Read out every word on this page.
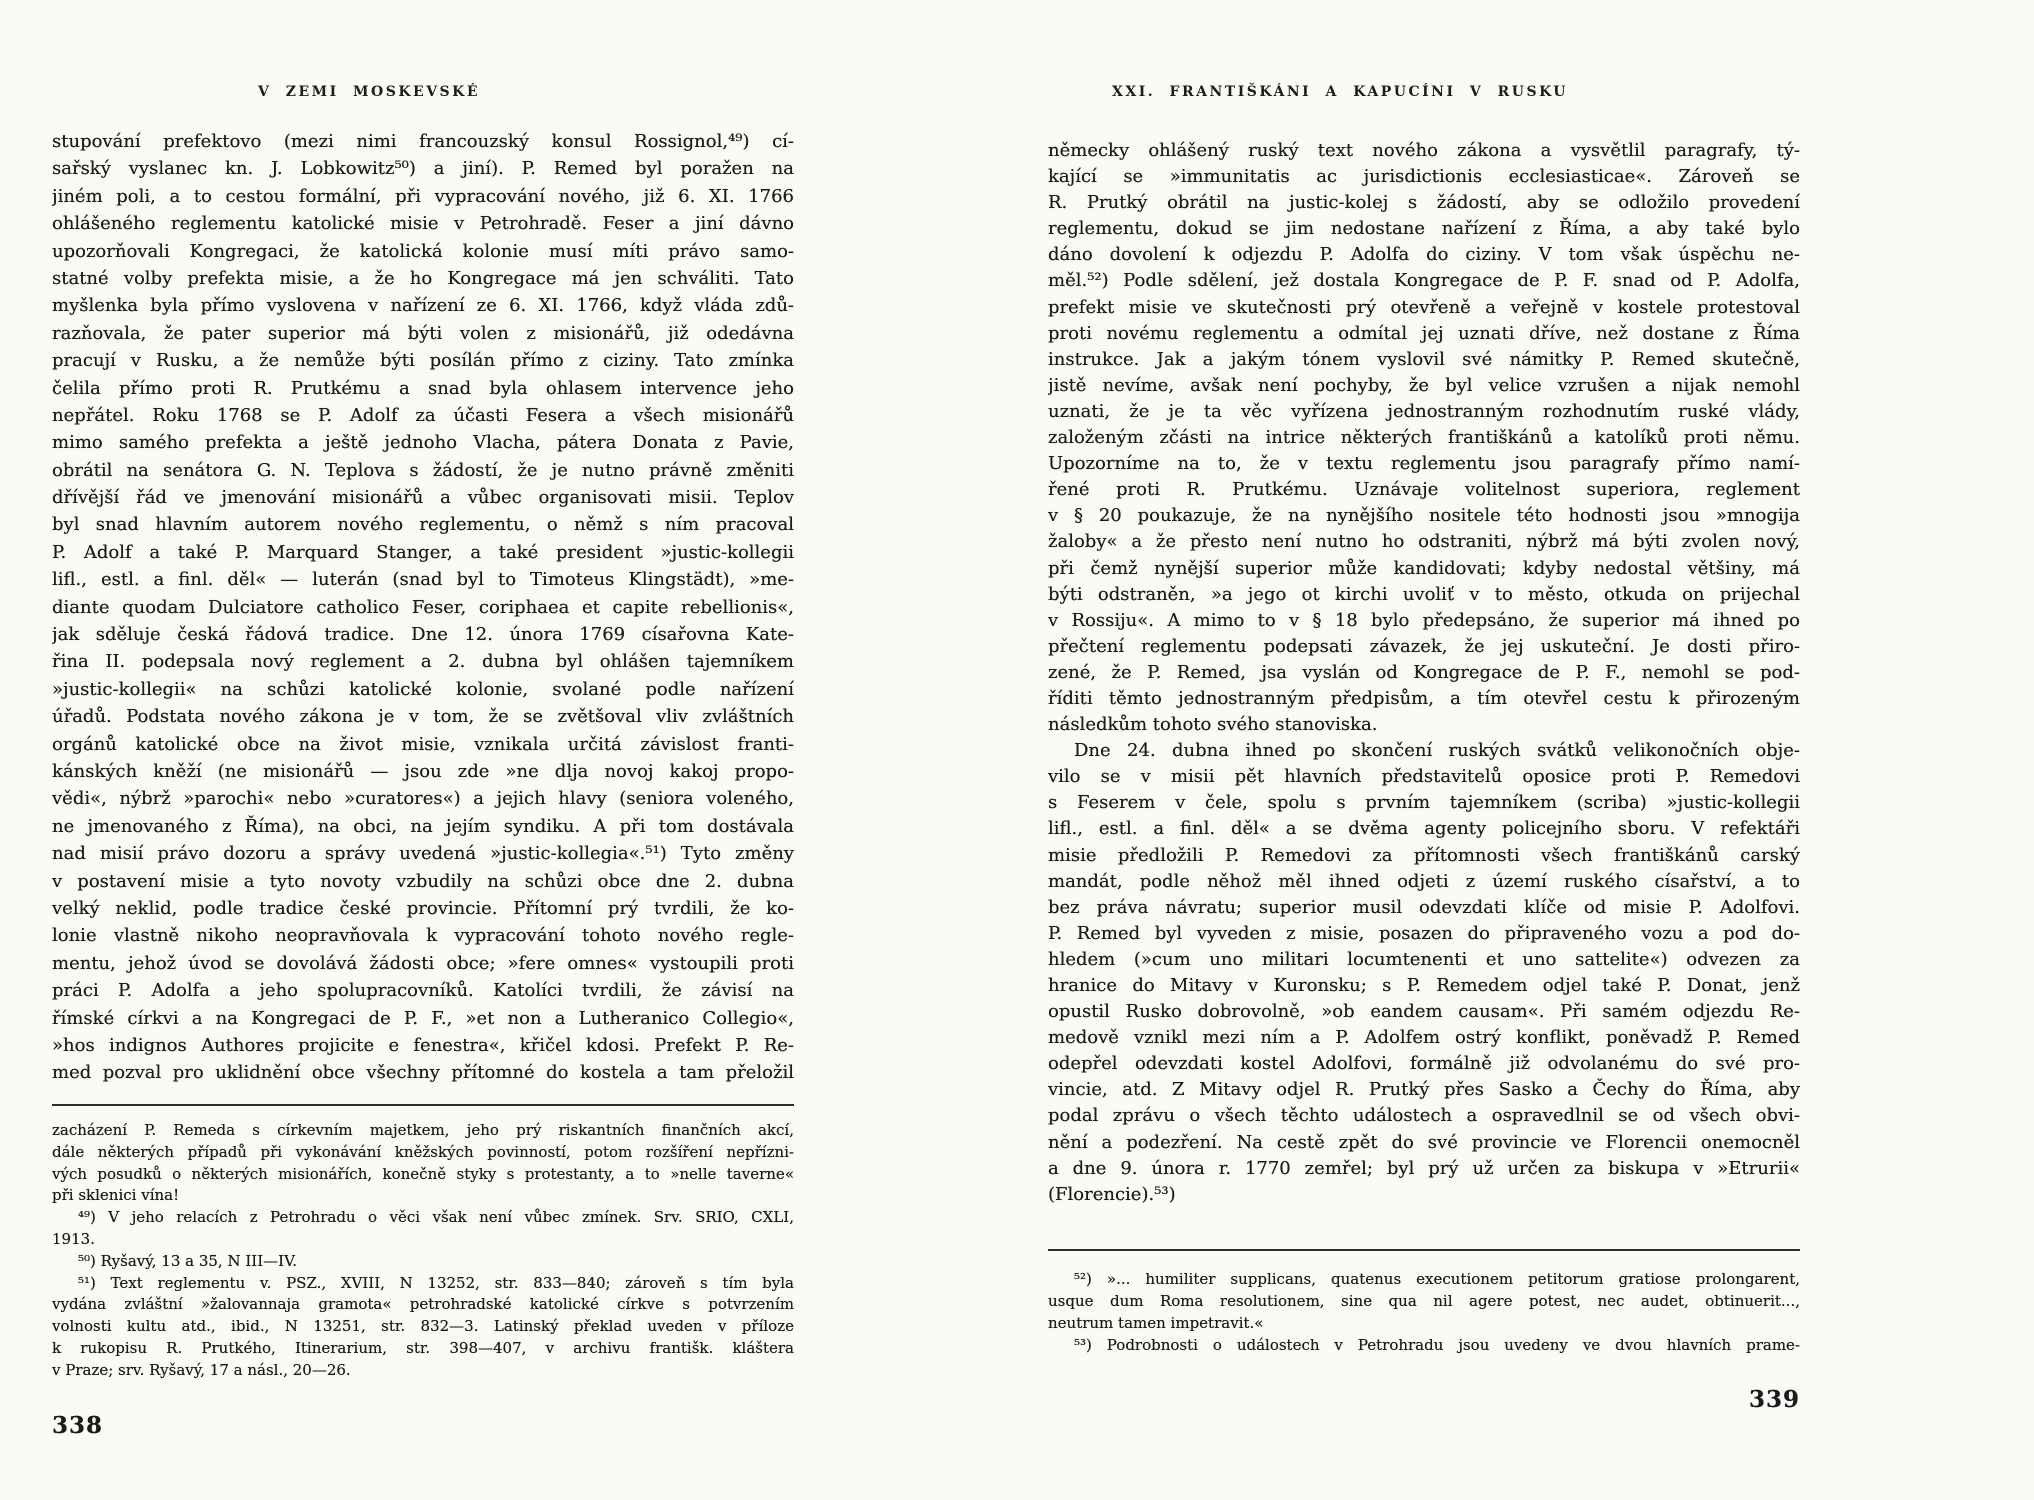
V ZEMI MOSKEVSKÉ
stupování prefektovo (mezi nimi francouzský konsul Rossignol,⁴⁹) cí-
sařský vyslanec kn. J. Lobkowitz⁵⁰) a jiní). P. Remed byl poražen na
jiném poli, a to cestou formální, při vypracování nového, již 6. XI. 1766
ohlášeného reglementu katolické misie v Petrohradě. Feser a jiní dávno
upozorňovali Kongregaci, že katolická kolonie musí míti právo samo-
statné volby prefekta misie, a že ho Kongregace má jen schváliti. Tato
myšlenka byla přímo vyslovena v nařízení ze 6. XI. 1766, když vláda zdů-
razňovala, že pater superior má býti volen z misionářů, již odedávna
pracují v Rusku, a že nemůže býti posílán přímo z ciziny. Tato zmínka
čelila přímo proti R. Prutkému a snad byla ohlasem intervence jeho
nepřátel. Roku 1768 se P. Adolf za účasti Fesera a všech misionářů
mimo samého prefekta a ještě jednoho Vlacha, pátera Donata z Pavie,
obrátil na senátora G. N. Teplova s žádostí, že je nutno právně změniti
dřívější řád ve jmenování misionářů a vůbec organisovati misii. Teplov
byl snad hlavním autorem nového reglementu, o němž s ním pracoval
P. Adolf a také P. Marquard Stanger, a také president »justic-kollegii
lifl., estl. a finl. děl« — luterán (snad byl to Timoteus Klingstädt), »me-
diante quodam Dulciatore catholico Feser, coriphaea et capite rebellionis«,
jak sděluje česká řádová tradice. Dne 12. února 1769 císařovna Kate-
řina II. podepsala nový reglement a 2. dubna byl ohlášen tajemníkem
»justic-kollegii« na schůzi katolické kolonie, svolané podle nařízení
úřadů. Podstata nového zákona je v tom, že se zvětšoval vliv zvláštních
orgánů katolické obce na život misie, vznikala určitá závislost franti-
kánských kněží (ne misionářů — jsou zde »ne dlja novoj kakoj propo-
vědi«, nýbrž »parochi« nebo »curatores«) a jejich hlavy (seniora voleného,
ne jmenovaného z Říma), na obci, na jejím syndiku. A při tom dostávala
nad misií právo dozoru a správy uvedená »justic-kollegia«.⁵¹) Tyto změny
v postavení misie a tyto novoty vzbudily na schůzi obce dne 2. dubna
velký neklid, podle tradice české provincie. Přítomní prý tvrdili, že ko-
lonie vlastně nikoho neopravňovala k vypracování tohoto nového regle-
mentu, jehož úvod se dovolává žádosti obce; »fere omnes« vystoupili proti
práci P. Adolfa a jeho spolupracovníků. Katolíci tvrdili, že závisí na
římské církvi a na Kongregaci de P. F., »et non a Lutheranico Collegio«,
»hos indignos Authores projicite e fenestra«, křičel kdosi. Prefekt P. Re-
med pozval pro uklidnění obce všechny přítomné do kostela a tam přeložil
zacházení P. Remeda s církevním majetkem, jeho prý riskantních finančních akcí,
dále některých případů při vykonávání kněžských povinností, potom rozšíření nepřízni-
vých posudků o některých misionářích, konečně styky s protestanty, a to »nelle taverne«
při sklenici vína!
⁴⁹) V jeho relacích z Petrohradu o věci však není vůbec zmínek. Srv. SRIO, CXLI,
1913.
⁵⁰) Ryšavý, 13 a 35, N III—IV.
⁵¹) Text reglementu v. PSZ., XVIII, N 13252, str. 833—840; zároveň s tím byla
vydána zvláštní »žalovannaja gramota« petrohradské katolické církve s potvrzením
volnosti kultu atd., ibid., N 13251, str. 832—3. Latinský překlad uveden v příloze
k rukopisu R. Prutkého, Itinerarium, str. 398—407, v archivu františk. kláštera
v Praze; srv. Ryšavý, 17 a násl., 20—26.
338
XXI. FRANTIŠKÁNI A KAPUCÍNI V RUSKU
německy ohlášený ruský text nového zákona a vysvětlil paragrafy, tý-
kající se »immunitatis ac jurisdictionis ecclesiasticae«. Zároveň se
R. Prutký obrátil na justic-kolej s žádostí, aby se odložilo provedení
reglementu, dokud se jim nedostane nařízení z Říma, a aby také bylo
dáno dovolení k odjezdu P. Adolfa do ciziny. V tom však úspěchu ne-
měl.⁵²) Podle sdělení, jež dostala Kongregace de P. F. snad od P. Adolfa,
prefekt misie ve skutečnosti prý otevřeně a veřejně v kostele protestoval
proti novému reglementu a odmítal jej uznati dříve, než dostane z Říma
instrukce. Jak a jakým tónem vyslovil své námitky P. Remed skutečně,
jistě nevíme, avšak není pochyby, že byl velice vzrušen a nijak nemohl
uznati, že je ta věc vyřízena jednostranným rozhodnutím ruské vlády,
založeným zčásti na intrice některých františkánů a katolíků proti němu.
Upozorníme na to, že v textu reglementu jsou paragrafy přímo namí-
řené proti R. Prutkému. Uznávaje volitelnost superiora, reglement
v § 20 poukazuje, že na nynějšího nositele této hodnosti jsou »mnogija
žaloby« a že přesto není nutno ho odstraniti, nýbrž má býti zvolen nový,
při čemž nynější superior může kandidovati; kdyby nedostal většiny, má
býti odstraněn, »a jego ot kirchi uvoliť v to město, otkuda on prijechal
v Rossiju«. A mimo to v § 18 bylo předepsáno, že superior má ihned po
přečtení reglementu podepsati závazek, že jej uskuteční. Je dosti přiro-
zené, že P. Remed, jsa vyslán od Kongregace de P. F., nemohl se pod-
říditi těmto jednostranným předpisům, a tím otevřel cestu k přirozeným
následkům tohoto svého stanoviska.
Dne 24. dubna ihned po skončení ruských svátků velikonočních obje-
vilo se v misii pět hlavních představitelů oposice proti P. Remedovi
s Feserem v čele, spolu s prvním tajemníkem (scriba) »justic-kollegii
lifl., estl. a finl. děl« a se dvěma agenty policejního sboru. V refektáři
misie předložili P. Remedovi za přítomnosti všech františkánů carský
mandát, podle něhož měl ihned odjeti z území ruského císařství, a to
bez práva návratu; superior musil odevzdati klíče od misie P. Adolfovi.
P. Remed byl vyveden z misie, posazen do připraveného vozu a pod do-
hledem (»cum uno militari locumtenenti et uno sattelite«) odvezen za
hranice do Mitavy v Kuronsku; s P. Remedem odjel také P. Donat, jenž
opustil Rusko dobrovolně, »ob eandem causam«. Při samém odjezdu Re-
medově vznikl mezi ním a P. Adolfem ostrý konflikt, poněvadž P. Remed
odepřel odevzdati kostel Adolfovi, formálně již odvolanému do své pro-
vincie, atd. Z Mitavy odjel R. Prutký přes Sasko a Čechy do Říma, aby
podal zprávu o všech těchto událostech a ospravedlnil se od všech obvi-
nění a podezření. Na cestě zpět do své provincie ve Florencii onemocněl
a dne 9. února r. 1770 zemřel; byl prý už určen za biskupa v »Etrurii«
(Florencie).⁵³)
⁵²) »... humiliter supplicans, quatenus executionem petitorum gratiose prolongarent,
usque dum Roma resolutionem, sine qua nil agere potest, nec audet, obtinuerit...,
neutrum tamen impetravit.«
⁵³) Podrobnosti o událostech v Petrohradu jsou uvedeny ve dvou hlavních prame-
339
